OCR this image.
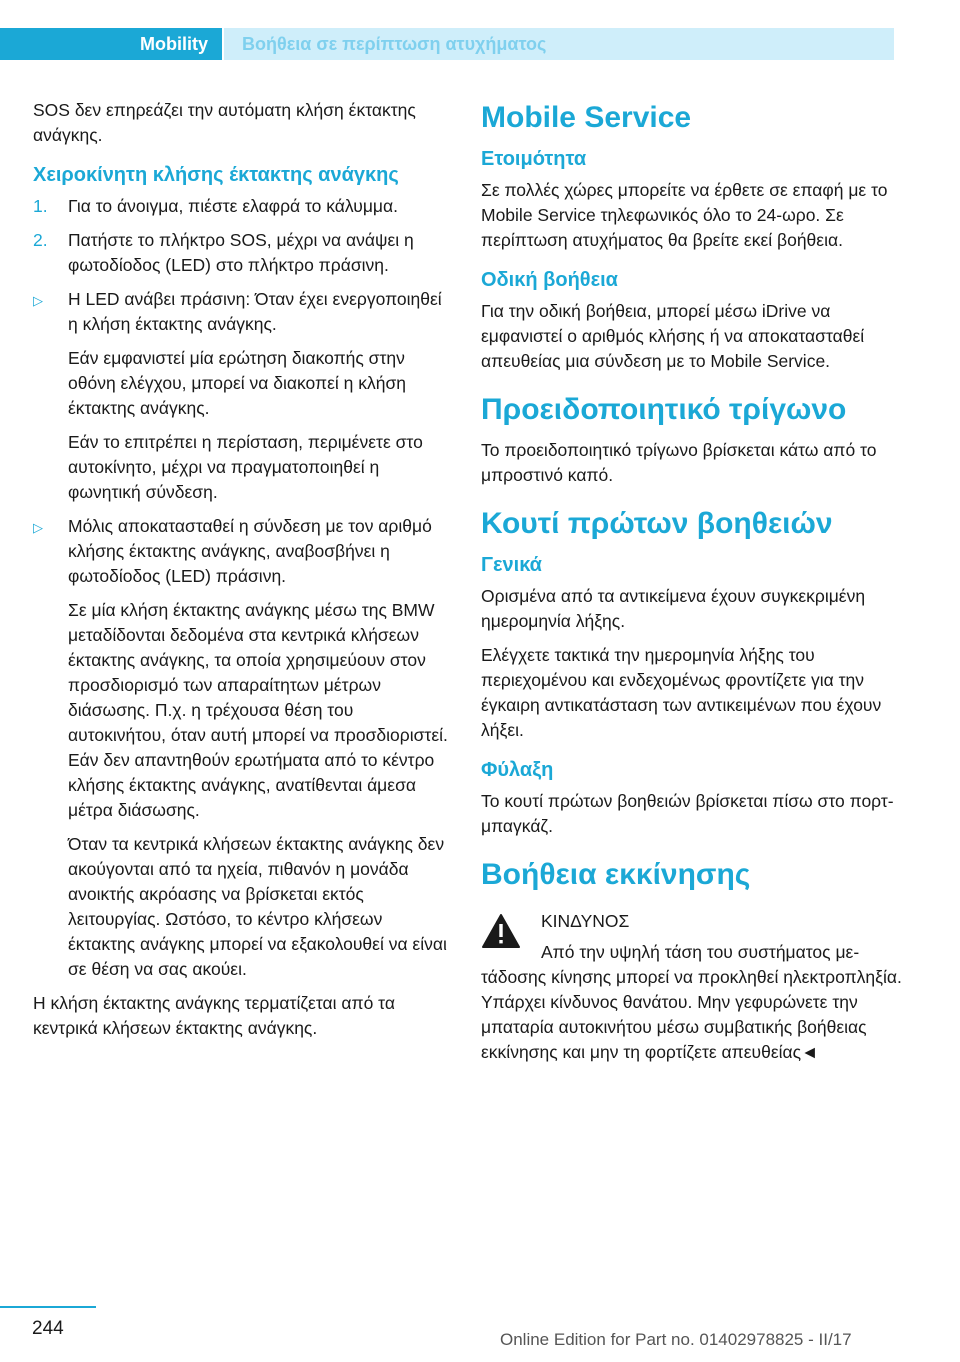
Mobility	Βοήθεια σε περίπτωση ατυχήματος

SOS δεν επηρεάζει την αυτόματη κλήση έκτακτης ανάγκης.

Χειροκίνητη κλήσης έκτακτης ανάγκης
1. Για το άνοιγμα, πιέστε ελαφρά το κάλυμμα.

2. Πατήστε το πλήκτρο SOS, μέχρι να ανάψει η φωτοδίοδος (LED) στο πλήκτρο πράσινη.

▷ Η LED ανάβει πράσινη: Όταν έχει ενεργοποιηθεί η κλήση έκτακτης ανάγκης.

Εάν εμφανιστεί μία ερώτηση διακοπής στην οθόνη ελέγχου, μπορεί να διακοπεί η κλήση έκτακτης ανάγκης.

Εάν το επιτρέπει η περίσταση, περιμένετε στο αυτοκίνητο, μέχρι να πραγματοποιηθεί η φωνητική σύνδεση.

▷ Μόλις αποκατασταθεί η σύνδεση με τον αριθμό κλήσης έκτακτης ανάγκης, αναβοσβήνει η φωτοδίοδος (LED) πράσινη.

Σε μία κλήση έκτακτης ανάγκης μέσω της BMW μεταδίδονται δεδομένα στα κεντρικά κλήσεων έκτακτης ανάγκης, τα οποία χρησιμεύουν στον προσδιορισμό των απαραίτητων μέτρων διάσωσης. Π.χ. η τρέχουσα θέση του αυτοκινήτου, όταν αυτή μπορεί να προσδιοριστεί. Εάν δεν απαντηθούν ερωτήματα από το κέντρο κλήσης έκτακτης ανάγκης, ανατίθενται άμεσα μέτρα διάσωσης.

Όταν τα κεντρικά κλήσεων έκτακτης ανάγκης δεν ακούγονται από τα ηχεία, πιθανόν η μονάδα ανοικτής ακρόασης να βρίσκεται εκτός λειτουργίας. Ωστόσο, το κέντρο κλήσεων έκτακτης ανάγκης μπορεί να εξακολουθεί να είναι σε θέση να σας ακούει.

Η κλήση έκτακτης ανάγκης τερματίζεται από τα κεντρικά κλήσεων έκτακτης ανάγκης.

Mobile Service
Ετοιμότητα

Σε πολλές χώρες μπορείτε να έρθετε σε επαφή με το Mobile Service τηλεφωνικός όλο το 24-ωρο. Σε περίπτωση ατυχήματος θα βρείτε εκεί βοήθεια.

Οδική βοήθεια

Για την οδική βοήθεια, μπορεί μέσω iDrive να εμφανιστεί ο αριθμός κλήσης ή να αποκατασταθεί απευθείας μια σύνδεση με το Mobile Service.

Προειδοποιητικό τρίγωνο

Το προειδοποιητικό τρίγωνο βρίσκεται κάτω από το μπροστινό καπό.

Κουτί πρώτων βοηθειών
Γενικά

Ορισμένα από τα αντικείμενα έχουν συγκεκριμένη ημερομηνία λήξης.

Ελέγχετε τακτικά την ημερομηνία λήξης του περιεχομένου και ενδεχομένως φροντίζετε για την έγκαιρη αντικατάσταση των αντικειμένων που έχουν λήξει.

Φύλαξη

Το κουτί πρώτων βοηθειών βρίσκεται πίσω στο πορτ-μπαγκάζ.

Βοήθεια εκκίνησης

ΚΙΝΔΥΝΟΣ

Από την υψηλή τάση του συστήματος μετάδοσης κίνησης μπορεί να προκληθεί ηλεκτροπληξία. Υπάρχει κίνδυνος θανάτου. Μην γεφυρώνετε την μπαταρία αυτοκινήτου μέσω συμβατικής βοήθειας εκκίνησης και μην τη φορτίζετε απευθείας◄

244
Online Edition for Part no. 01402978825 - II/17
